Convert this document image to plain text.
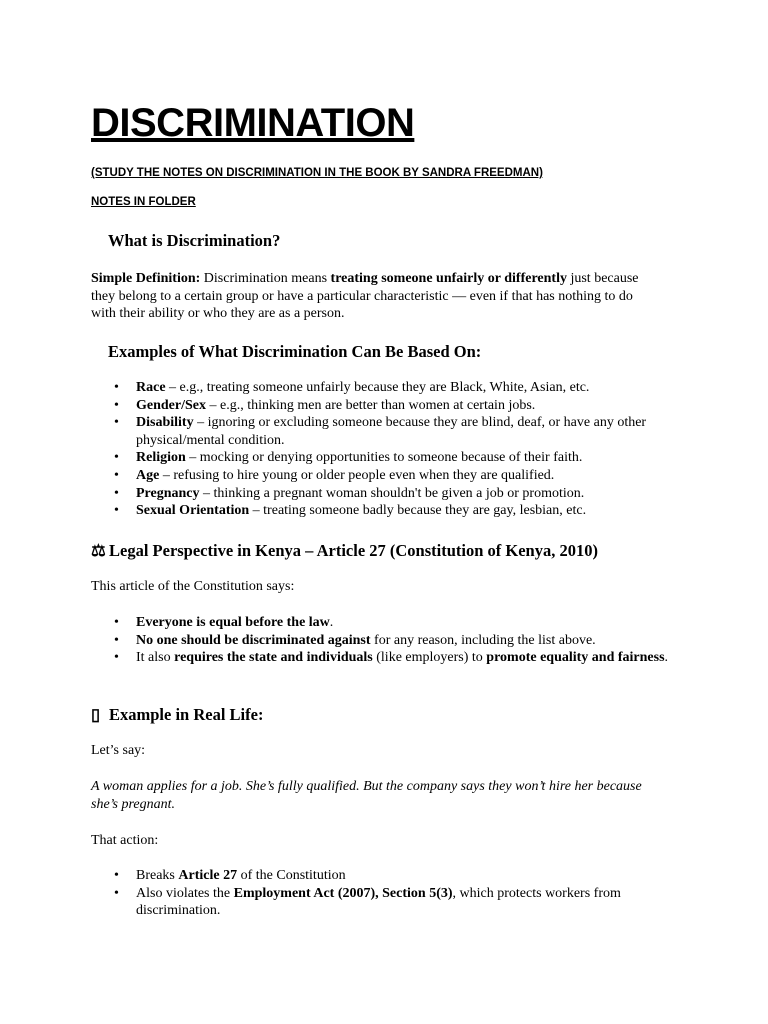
DISCRIMINATION

(STUDY THE NOTES ON DISCRIMINATION IN THE BOOK BY SANDRA FREEDMAN)

NOTES IN FOLDER

What is Discrimination?

Simple Definition: Discrimination means treating someone unfairly or differently just because they belong to a certain group or have a particular characteristic — even if that has nothing to do with their ability or who they are as a person.

Examples of What Discrimination Can Be Based On:
• Race – e.g., treating someone unfairly because they are Black, White, Asian, etc.
• Gender/Sex – e.g., thinking men are better than women at certain jobs.
• Disability – ignoring or excluding someone because they are blind, deaf, or have any other physical/mental condition.
• Religion – mocking or denying opportunities to someone because of their faith.
• Age – refusing to hire young or older people even when they are qualified.
• Pregnancy – thinking a pregnant woman shouldn't be given a job or promotion.
• Sexual Orientation – treating someone badly because they are gay, lesbian, etc.
⚖ Legal Perspective in Kenya – Article 27 (Constitution of Kenya, 2010)

This article of the Constitution says:

• Everyone is equal before the law.
• No one should be discriminated against for any reason, including the list above.
• It also requires the state and individuals (like employers) to promote equality and fairness.
▯ Example in Real Life:

Let’s say:

A woman applies for a job. She’s fully qualified. But the company says they won’t hire her because she’s pregnant.

That action:

• Breaks Article 27 of the Constitution
• Also violates the Employment Act (2007), Section 5(3), which protects workers from discrimination.
